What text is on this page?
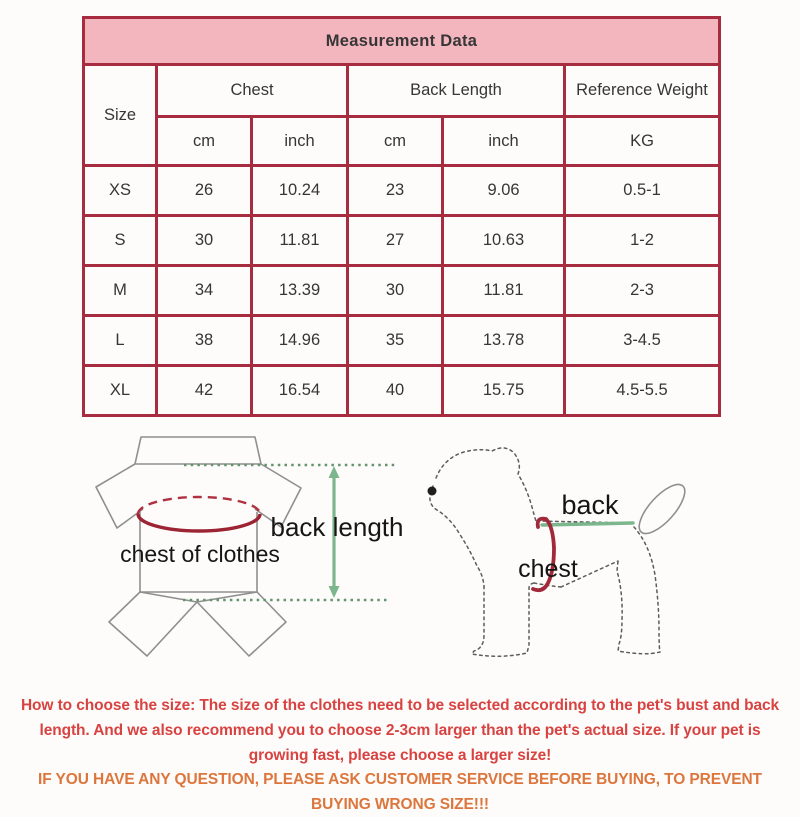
Measurement Data					
Size	Chest		Back Length		Reference Weight
	cm	inch	cm	inch	KG
XS	26	10.24	23	9.06	0.5-1
S	30	11.81	27	10.63	1-2
M	34	13.39	30	11.81	2-3
L	38	14.96	35	13.78	3-4.5
XL	42	16.54	40	15.75	4.5-5.5
chest of clothes
back length
back
chest

How to choose the size: The size of the clothes need to be selected according to the pet's bust and back length. And we also recommend you to choose 2-3cm larger than the pet's actual size. If your pet is growing fast, please choose a larger size!

IF YOU HAVE ANY QUESTION, PLEASE ASK CUSTOMER SERVICE BEFORE BUYING, TO PREVENT BUYING WRONG SIZE!!!
